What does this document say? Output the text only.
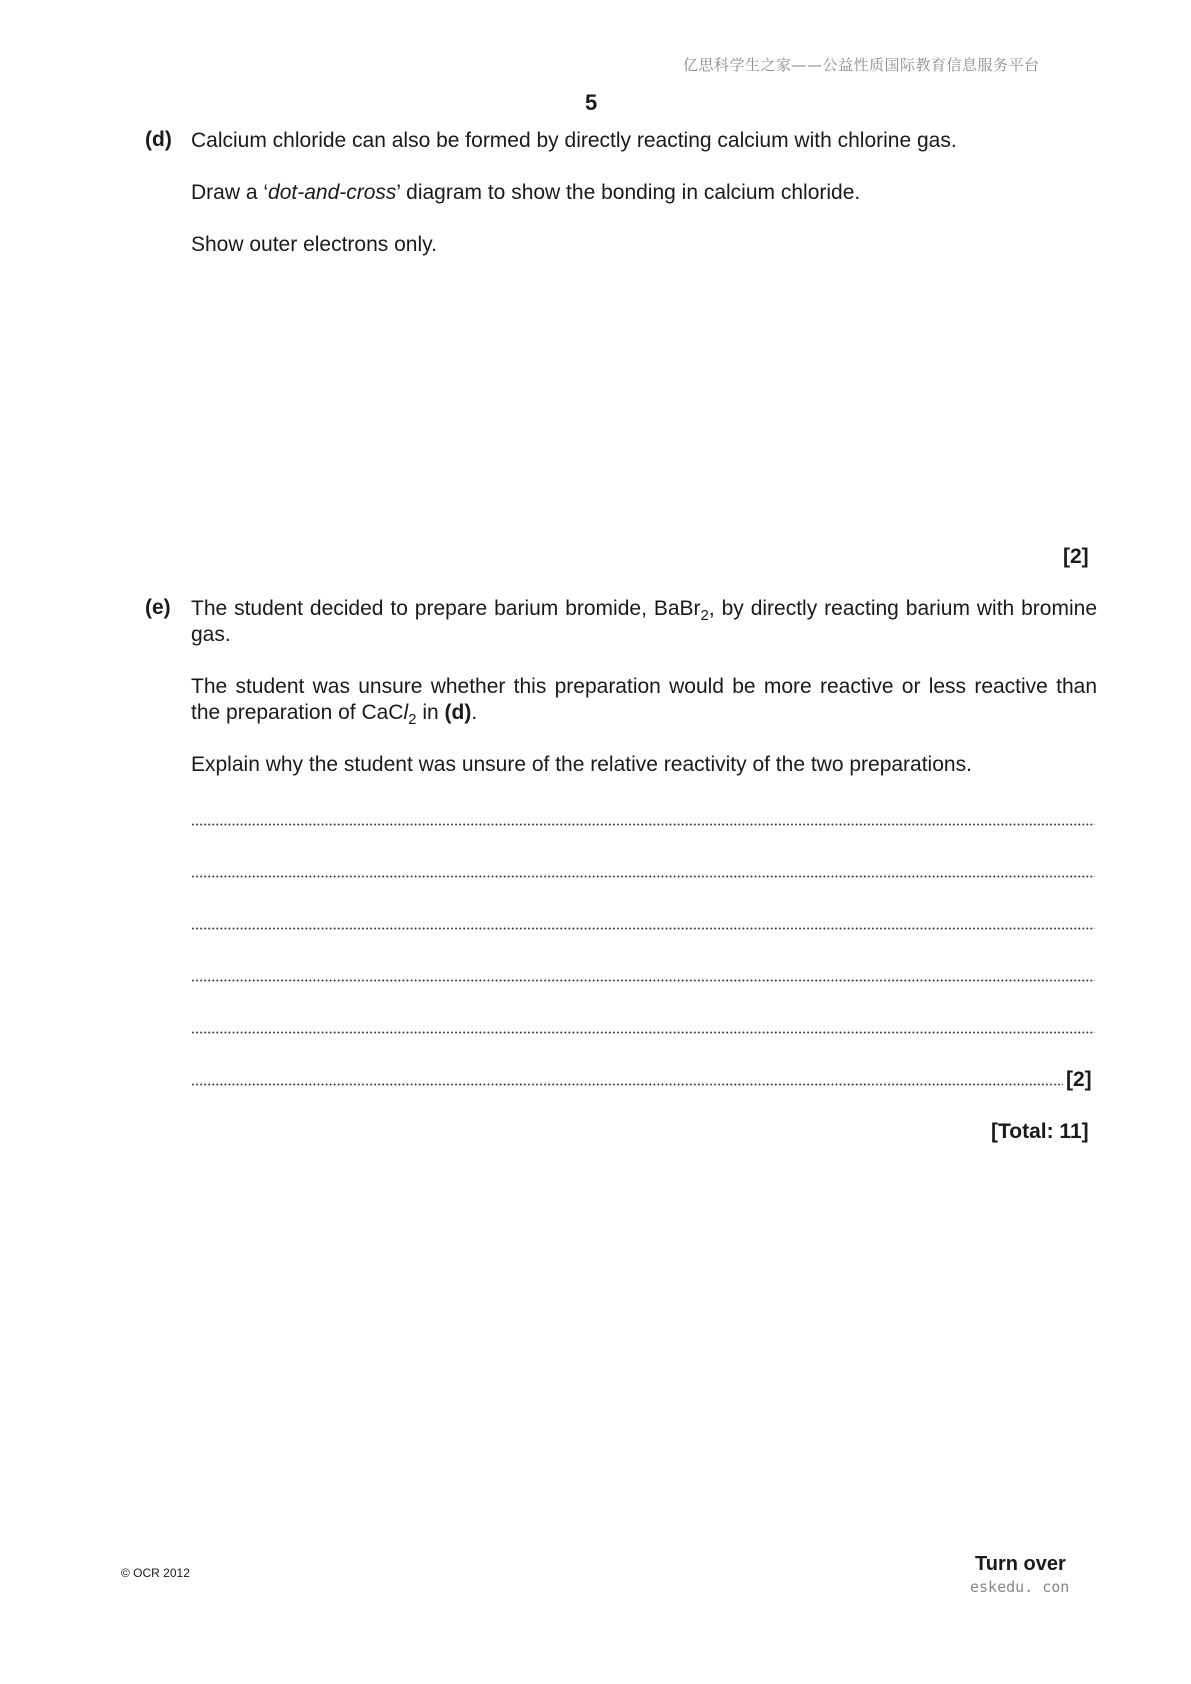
亿思科学生之家——公益性质国际教育信息服务平台
5
(d) Calcium chloride can also be formed by directly reacting calcium with chlorine gas.
Draw a ‘dot-and-cross’ diagram to show the bonding in calcium chloride.
Show outer electrons only.
[2]
(e) The student decided to prepare barium bromide, BaBr$_2$, by directly reacting barium with bromine gas.
The student was unsure whether this preparation would be more reactive or less reactive than the preparation of CaCl$_2$ in (d).
Explain why the student was unsure of the relative reactivity of the two preparations.
[2]
[Total: 11]
© OCR 2012	Turn over
eskedu. con
